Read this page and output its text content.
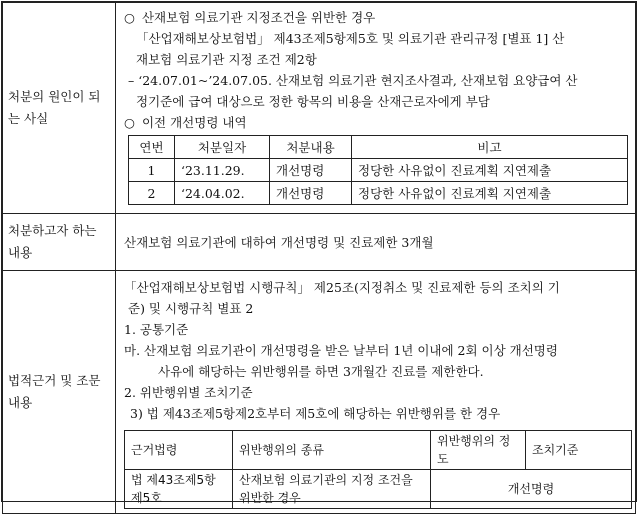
처분의 원인이 되는 사실	
○ 산재보험 의료기관 지정조건을 위반한 경우
「산업재해보상보험법」 제43조제5항제5호 및 의료기관 관리규정 [별표 1] 산
재보험 의료기관 지정 조건 제2항
– ‘24.07.01~’24.07.05. 산재보험 의료기관 현지조사결과, 산재보험 요양급여 산
정기준에 급여 대상으로 정한 항목의 비용을 산재근로자에게 부담
○ 이전 개선명령 내역
연번	처분일자	처분내용	비고
1	‘23.11.29.	개선명령	정당한 사유없이 진료계획 지연제출
2	‘24.04.02.	개선명령	정당한 사유없이 진료계획 지연제출

처분하고자 하는 내용	
산재보험 의료기관에 대하여 개선명령 및 진료제한 3개월

법적근거 및 조문내용	
「산업재해보상보험법 시행규칙」 제25조(지정취소 및 진료제한 등의 조치의 기
준) 및 시행규칙 별표 2
1. 공통기준
마. 산재보험 의료기관이 개선명령을 받은 날부터 1년 이내에 2회 이상 개선명령
사유에 해당하는 위반행위를 하면 3개월간 진료를 제한한다.
2. 위반행위별 조치기준
3) 법 제43조제5항제2호부터 제5호에 해당하는 위반행위를 한 경우
근거법령	위반행위의 종류	위반행위의 정도	조치기준
법 제43조제5항제5호	산재보험 의료기관의 지정 조건을 위반한 경우	개선명령
